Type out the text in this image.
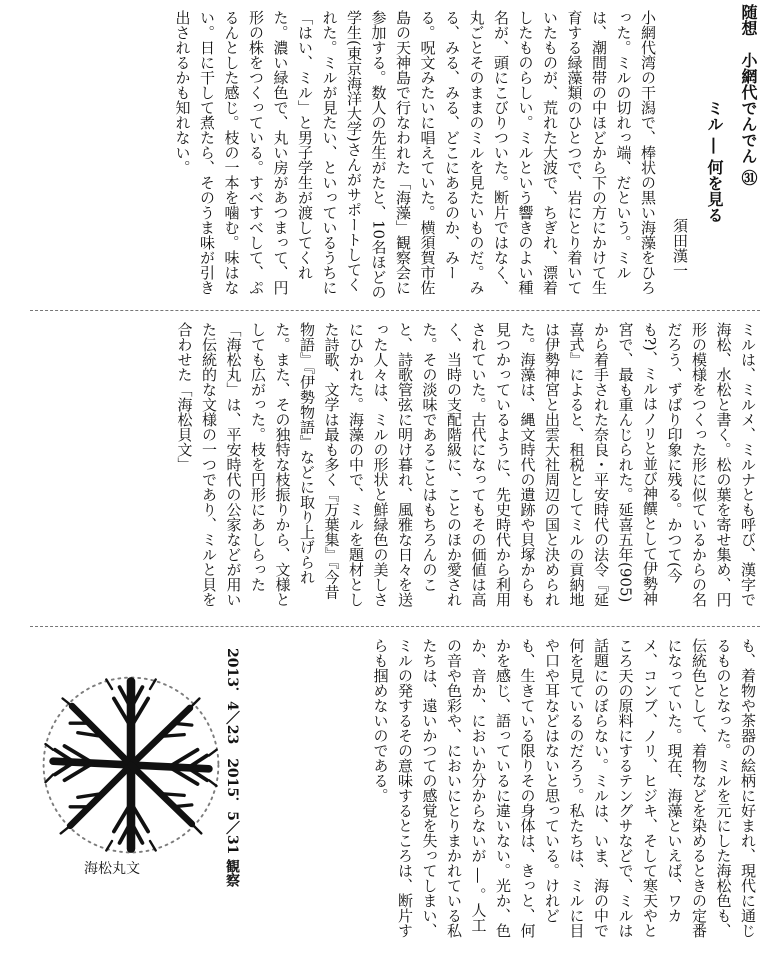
随想　小網代でんでん ㉛
ミル ― 何を見る
須田漢一
小網代湾の干潟で、棒状の黒い海藻をひろった。ミルの切れっ端、だという。ミルは、潮間帯の中ほどから下の方にかけて生育する緑藻類のひとつで、岩にとり着いていたものが、荒れた大波で、ちぎれ、漂着したものらしい。ミルという響きのよい種名が、頭にこびりついた。断片ではなく、丸ごとそのままのミルを見たいものだ。みる、みる、みる、どこにあるのか、みーる。呪文みたいに唱えていた。横須賀市佐島の天神島で行なわれた「海藻」観察会に参加する。数人の先生がたと、10名ほどの学生(東京海洋大学)さんがサポートしてくれた。ミルが見たい、といっているうちに「はい、ミル」と男子学生が渡してくれた。濃い緑色で、丸い房があつまって、円形の株をつくっている。すべすべして、ぷるんとした感じ。枝の一本を噛む。味はない。日に干して煮たら、そのうま味が引き出されるかも知れない。
ミルは、ミルメ、ミルナとも呼び、漢字で海松、水松と書く。松の葉を寄せ集め、円形の模様をつくった形に似ているからの名だろう、ずばり印象に残る。かつて(今も?)、ミルはノリと並び神饌として伊勢神宮で、最も重んじられた。延喜五年(905)から着手された奈良・平安時代の法令『延喜式』によると、租税としてミルの貢納地は伊勢神宮と出雲大社周辺の国と決められた。海藻は、縄文時代の遺跡や貝塚からも見つかっているように、先史時代から利用されていた。古代になってもその価値は高く、当時の支配階級に、ことのほか愛された。その淡味であることはもちろんのこと、詩歌管弦に明け暮れ、風雅な日々を送った人々は、ミルの形状と鮮緑色の美しさにひかれた。海藻の中で、ミルを題材とした詩歌、文学は最も多く『万葉集』『今昔物語』『伊勢物語』などに取り上げられた。また、その独特な枝振りから、文様としても広がった。枝を円形にあしらった「海松丸」は、平安時代の公家などが用いた伝統的な文様の一つであり、ミルと貝を合わせた「海松貝文」
も、着物や茶器の絵柄に好まれ、現代に通じるものとなった。ミルを元にした海松色も、伝統色として、着物などを染めるときの定番になっていた。現在、海藻といえば、ワカメ、コンブ、ノリ、ヒジキ、そして寒天やところ天の原料にするテングサなどで、ミルは話題にのぼらない。ミルは、いま、海の中で何を見ているのだろう。私たちは、ミルに目や口や耳などはないと思っている。けれども、生きている限りその身体は、きっと、何かを感じ、語っているに違いない。光か、色か、音か、においか分からないが ― 。人工の音や色彩や、においにとりまかれている私たちは、遠いかつての感覚を失ってしまい、ミルの発するその意味するところは、断片すらも掴めないのである。
2013．4／23　2015．5／31 観察
海松丸文
